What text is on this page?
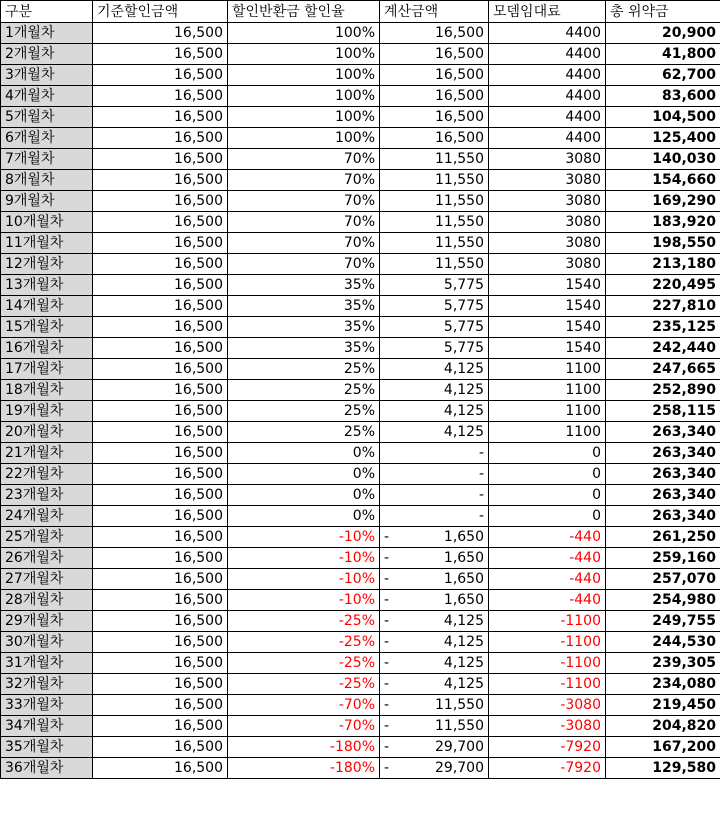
구분	기준할인금액	할인반환금 할인율	계산금액	모뎀임대료	총 위약금
1개월차	16,500	100%	16,500	4400	20,900
2개월차	16,500	100%	16,500	4400	41,800
3개월차	16,500	100%	16,500	4400	62,700
4개월차	16,500	100%	16,500	4400	83,600
5개월차	16,500	100%	16,500	4400	104,500
6개월차	16,500	100%	16,500	4400	125,400
7개월차	16,500	70%	11,550	3080	140,030
8개월차	16,500	70%	11,550	3080	154,660
9개월차	16,500	70%	11,550	3080	169,290
10개월차	16,500	70%	11,550	3080	183,920
11개월차	16,500	70%	11,550	3080	198,550
12개월차	16,500	70%	11,550	3080	213,180
13개월차	16,500	35%	5,775	1540	220,495
14개월차	16,500	35%	5,775	1540	227,810
15개월차	16,500	35%	5,775	1540	235,125
16개월차	16,500	35%	5,775	1540	242,440
17개월차	16,500	25%	4,125	1100	247,665
18개월차	16,500	25%	4,125	1100	252,890
19개월차	16,500	25%	4,125	1100	258,115
20개월차	16,500	25%	4,125	1100	263,340
21개월차	16,500	0%	-	0	263,340
22개월차	16,500	0%	-	0	263,340
23개월차	16,500	0%	-	0	263,340
24개월차	16,500	0%	-	0	263,340
25개월차	16,500	-10%	- 1,650	-440	261,250
26개월차	16,500	-10%	- 1,650	-440	259,160
27개월차	16,500	-10%	- 1,650	-440	257,070
28개월차	16,500	-10%	- 1,650	-440	254,980
29개월차	16,500	-25%	- 4,125	-1100	249,755
30개월차	16,500	-25%	- 4,125	-1100	244,530
31개월차	16,500	-25%	- 4,125	-1100	239,305
32개월차	16,500	-25%	- 4,125	-1100	234,080
33개월차	16,500	-70%	- 11,550	-3080	219,450
34개월차	16,500	-70%	- 11,550	-3080	204,820
35개월차	16,500	-180%	- 29,700	-7920	167,200
36개월차	16,500	-180%	- 29,700	-7920	129,580
